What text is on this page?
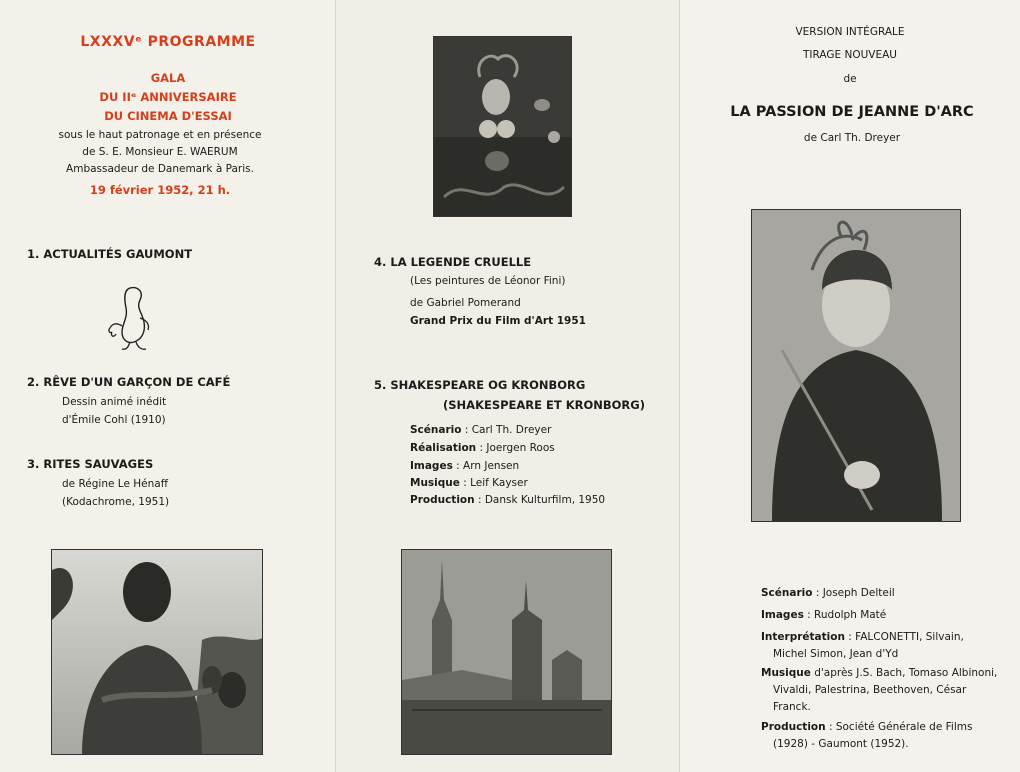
LXXXVᵉ PROGRAMME
GALA
DU IIᵉ ANNIVERSAIRE
DU CINEMA D'ESSAI
sous le haut patronage et en présence
de S. E. Monsieur E. WAERUM
Ambassadeur de Danemark à Paris.
19 février 1952, 21 h.
1. ACTUALITÉS GAUMONT
2. RÊVE D'UN GARÇON DE CAFÉ
Dessin animé inédit
d'Émile Cohl (1910)
3. RITES SAUVAGES
de Régine Le Hénaff
(Kodachrome, 1951)
4. LA LEGENDE CRUELLE
(Les peintures de Léonor Fini)
de Gabriel Pomerand
Grand Prix du Film d'Art 1951
5. SHAKESPEARE OG KRONBORG
(SHAKESPEARE ET KRONBORG)
Scénario : Carl Th. Dreyer
Réalisation : Joergen Roos
Images : Arn Jensen
Musique : Leif Kayser
Production : Dansk Kulturfilm, 1950
VERSION INTÉGRALE
TIRAGE NOUVEAU
de
LA PASSION DE JEANNE D'ARC
de Carl Th. Dreyer
Scénario : Joseph Delteil
Images : Rudolph Maté
Interprétation : FALCONETTI, Silvain,
Michel Simon, Jean d'Yd
Musique d'après J.S. Bach, Tomaso Albinoni,
Vivaldi, Palestrina, Beethoven, César
Franck.
Production : Société Générale de Films
(1928) - Gaumont (1952).
